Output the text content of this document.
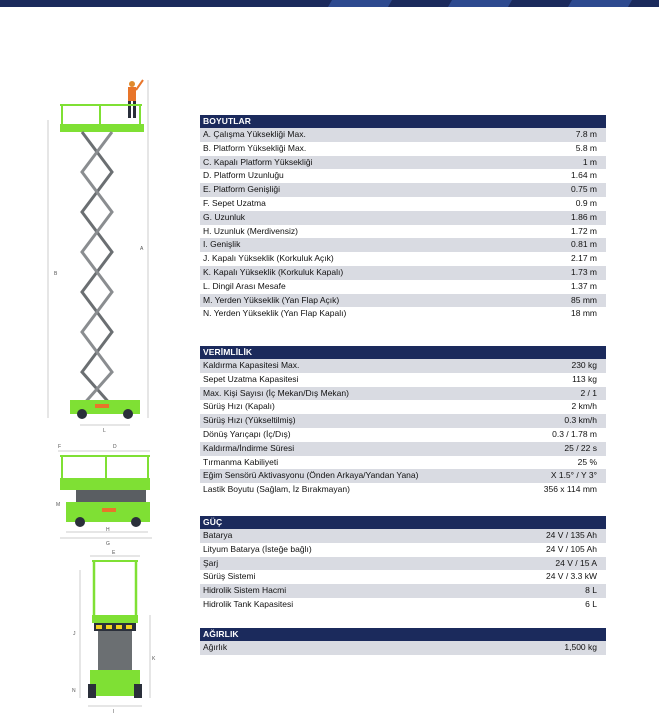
B
A
L
F	D
M
H
G
E
J
K
N
I
BOYUTLAR
A. Çalışma Yüksekliği Max.	7.8 m
B. Platform Yüksekliği Max.	5.8 m
C. Kapalı Platform Yüksekliği	1 m
D. Platform Uzunluğu	1.64 m
E. Platform Genişliği	0.75 m
F. Sepet Uzatma	0.9 m
G. Uzunluk	1.86 m
H. Uzunluk (Merdivensiz)	1.72 m
I. Genişlik	0.81 m
J. Kapalı Yükseklik (Korkuluk Açık)	2.17 m
K. Kapalı Yükseklik (Korkuluk Kapalı)	1.73 m
L. Dingil Arası Mesafe	1.37 m
M. Yerden Yükseklik (Yan Flap Açık)	85 mm
N. Yerden Yükseklik (Yan Flap Kapalı)	18 mm
VERİMLİLİK
Kaldırma Kapasitesi Max.	230 kg
Sepet Uzatma Kapasitesi	113 kg
Max. Kişi Sayısı (İç Mekan/Dış Mekan)	2 / 1
Sürüş Hızı (Kapalı)	2 km/h
Sürüş Hızı (Yükseltilmiş)	0.3 km/h
Dönüş Yarıçapı (İç/Dış)	0.3 / 1.78 m
Kaldırma/İndirme Süresi	25 / 22 s
Tırmanma Kabiliyeti	25 %
Eğim Sensörü Aktivasyonu (Önden Arkaya/Yandan Yana)	X 1.5° / Y 3°
Lastik Boyutu (Sağlam, İz Bırakmayan)	356 x 114 mm
GÜÇ
Batarya	24 V / 135 Ah
Lityum Batarya (İsteğe bağlı)	24 V / 105 Ah
Şarj	24 V / 15 A
Sürüş Sistemi	24 V / 3.3 kW
Hidrolik Sistem Hacmi	8 L
Hidrolik Tank Kapasitesi	6 L
AĞIRLIK
Ağırlık	1,500 kg
